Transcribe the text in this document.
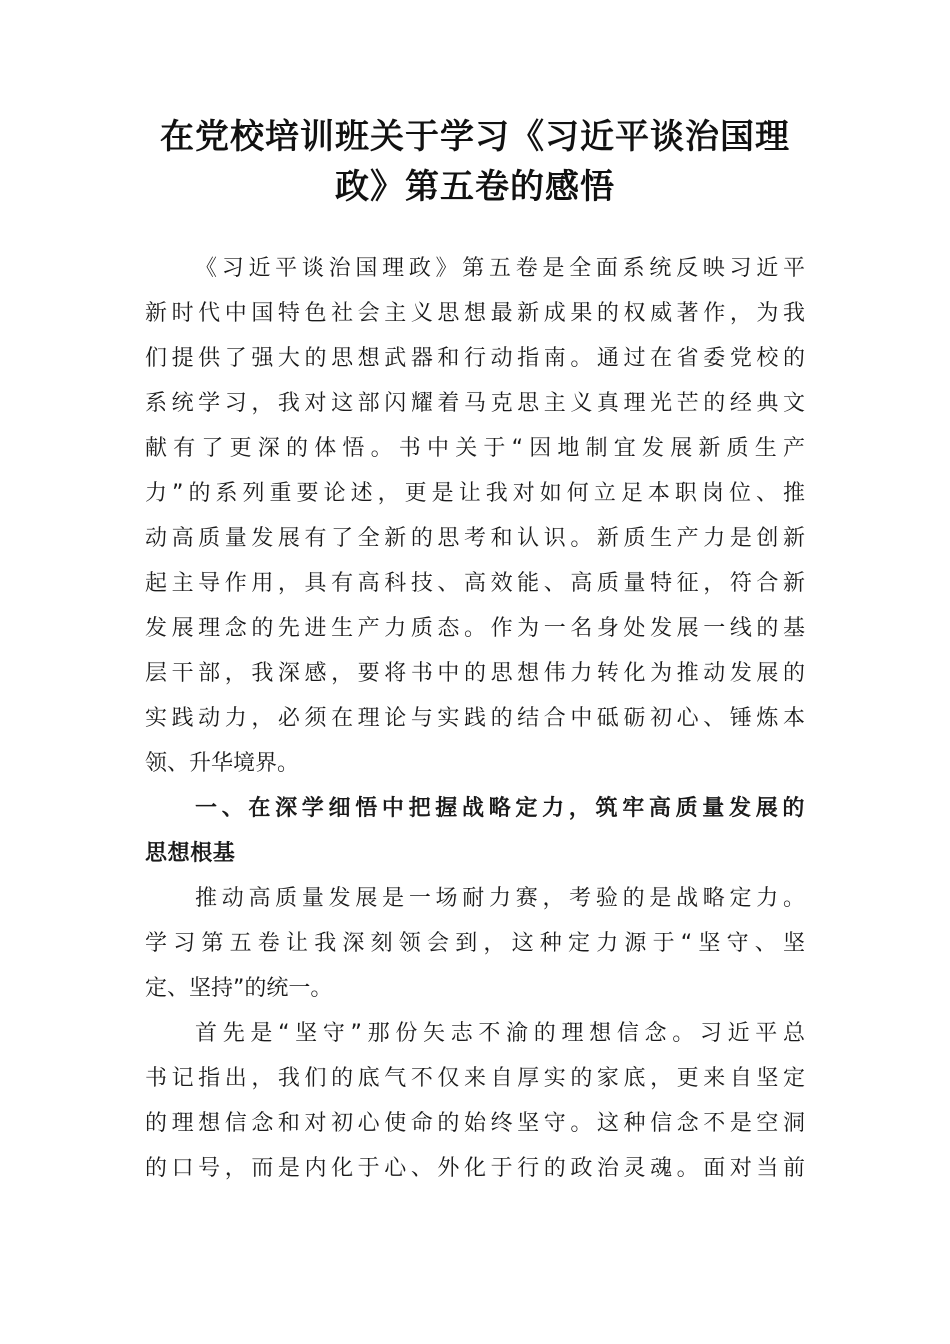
在党校培训班关于学习《习近平谈治国理
政》第五卷的感悟
《习近平谈治国理政》第五卷是全面系统反映习近平
新时代中国特色社会主义思想最新成果的权威著作，为我
们提供了强大的思想武器和行动指南。通过在省委党校的
系统学习，我对这部闪耀着马克思主义真理光芒的经典文
献有了更深的体悟。书中关于“因地制宜发展新质生产
力”的系列重要论述，更是让我对如何立足本职岗位、推
动高质量发展有了全新的思考和认识。新质生产力是创新
起主导作用，具有高科技、高效能、高质量特征，符合新
发展理念的先进生产力质态。作为一名身处发展一线的基
层干部，我深感，要将书中的思想伟力转化为推动发展的
实践动力，必须在理论与实践的结合中砥砺初心、锤炼本
领、升华境界。
一、在深学细悟中把握战略定力，筑牢高质量发展的
思想根基
推动高质量发展是一场耐力赛，考验的是战略定力。
学习第五卷让我深刻领会到，这种定力源于“坚守、坚
定、坚持”的统一。
首先是“坚守”那份矢志不渝的理想信念。习近平总
书记指出，我们的底气不仅来自厚实的家底，更来自坚定
的理想信念和对初心使命的始终坚守。这种信念不是空洞
的口号，而是内化于心、外化于行的政治灵魂。面对当前
